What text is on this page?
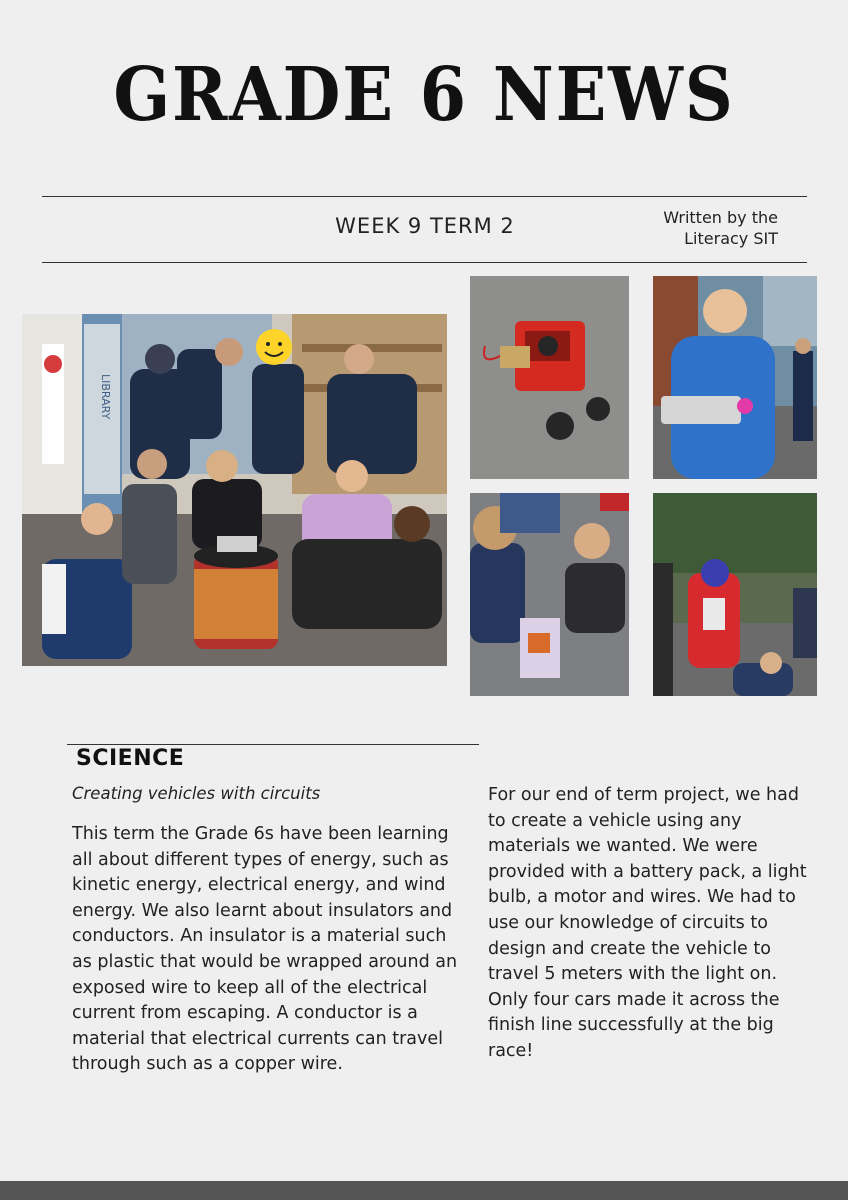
GRADE 6 NEWS
WEEK 9 TERM 2	Written by the
Literacy SIT
LIBRARY
SCIENCE
Creating vehicles with circuits
This term the Grade 6s have been learning all about different types of energy, such as kinetic energy, electrical energy, and wind energy. We also learnt about insulators and conductors. An insulator is a material such as plastic that would be wrapped around an exposed wire to keep all of the electrical current from escaping. A conductor is a material that electrical currents can travel through such as a copper wire.
For our end of term project, we had to create a vehicle using any materials we wanted. We were provided with a battery pack, a light bulb, a motor and wires. We had to use our knowledge of circuits to design and create the vehicle to travel 5 meters with the light on. Only four cars made it across the finish line successfully at the big race!
